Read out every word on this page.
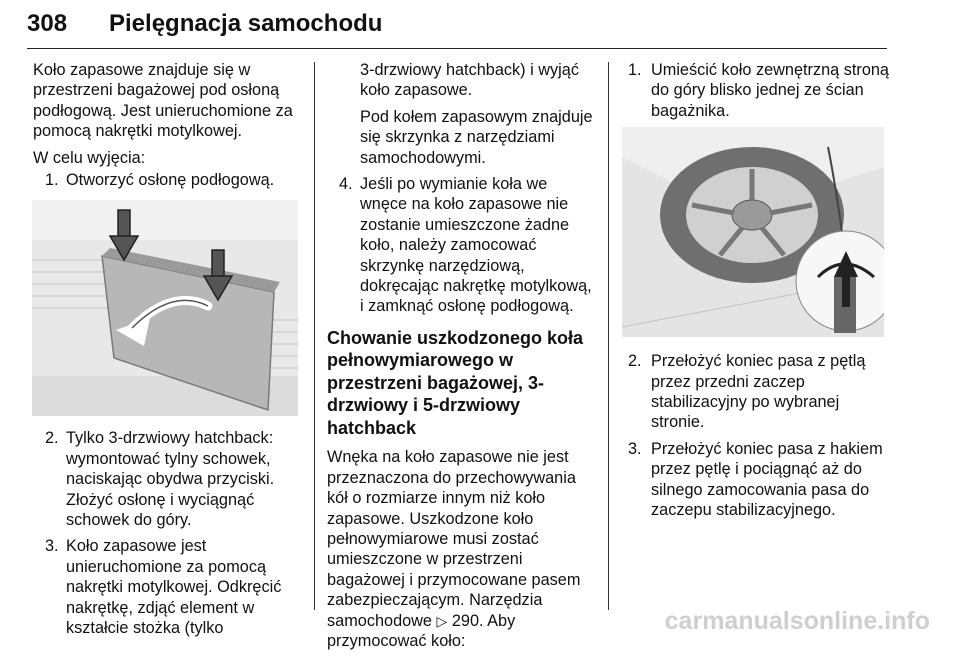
308 Pielęgnacja samochodu

Koło zapasowe znajduje się w przestrzeni bagażowej pod osłoną podłogową. Jest unieruchomione za pomocą nakrętki motylkowej.

W celu wyjęcia:

1. Otworzyć osłonę podłogową.
2. Tylko 3-drzwiowy hatchback: wymontować tylny schowek, naciskając obydwa przyciski. Złożyć osłonę i wyciągnąć schowek do góry.
3. Koło zapasowe jest unieruchomione za pomocą nakrętki motylkowej. Odkręcić nakrętkę, zdjąć element w kształcie stożka (tylko

3-drzwiowy hatchback) i wyjąć koło zapasowe.

Pod kołem zapasowym znajduje się skrzynka z narzędziami samochodowymi.

4. Jeśli po wymianie koła we wnęce na koło zapasowe nie zostanie umieszczone żadne koło, należy zamocować skrzynkę narzędziową, dokręcając nakrętkę motylkową, i zamknąć osłonę podłogową.
Chowanie uszkodzonego koła pełnowymiarowego w przestrzeni bagażowej, 3-drzwiowy i 5-drzwiowy hatchback

Wnęka na koło zapasowe nie jest przeznaczona do przechowywania kół o rozmiarze innym niż koło zapasowe. Uszkodzone koło pełnowymiarowe musi zostać umieszczone w przestrzeni bagażowej i przymocowane pasem zabezpieczającym. Narzędzia samochodowe ▷ 290. Aby przymocować koło:

1. Umieścić koło zewnętrzną stroną do góry blisko jednej ze ścian bagażnika.
2. Przełożyć koniec pasa z pętlą przez przedni zaczep stabilizacyjny po wybranej stronie.
3. Przełożyć koniec pasa z hakiem przez pętlę i pociągnąć aż do silnego zamocowania pasa do zaczepu stabilizacyjnego.
carmanualsonline.info
